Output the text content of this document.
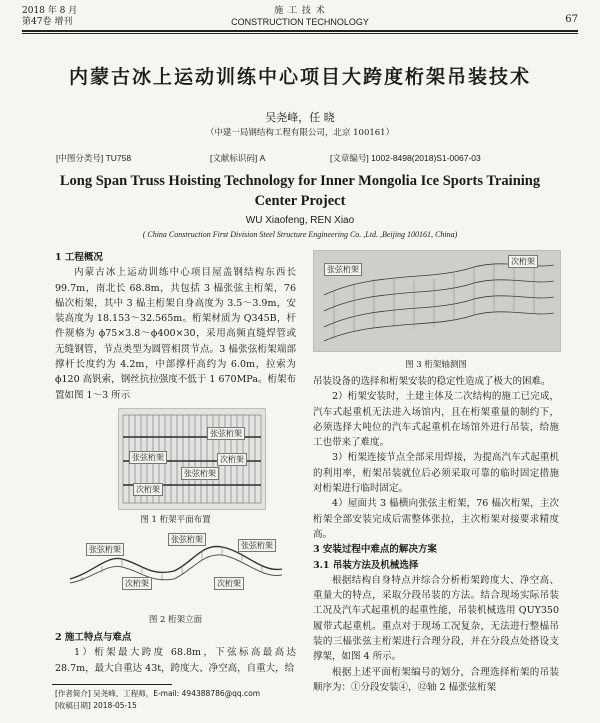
2018 年 8 月
第47卷 增刊
施 工 技 术
CONSTRUCTION TECHNOLOGY	67
内蒙古冰上运动训练中心项目大跨度桁架吊装技术
吴尧峰，任 晓
（中建一局钢结构工程有限公司，北京 100161）
[中图分类号] TU758	[文献标识码] A	[文章编号] 1002-8498(2018)S1-0067-03
Long Span Truss Hoisting Technology for Inner Mongolia Ice Sports Training Center Project
WU Xiaofeng, REN Xiao
( China Construction First Division Steel Structure Engineering Co. ,Ltd. ,Beijing 100161, China)

1 工程概况

内蒙古冰上运动训练中心项目屋盖钢结构东西长 99.7m，南北长 68.8m，共包括 3 榀张弦主桁架，76 榀次桁架，其中 3 榀主桁架自身高度为 3.5～3.9m，安装高度为 18.153～32.565m。桁架材质为 Q345B，杆件规格为 ϕ75×3.8～ϕ400×30，采用高频直缝焊管或无缝钢管，节点类型为圆管相贯节点。3 榀张弦桁架端部撑杆长度约为 4.2m，中部撑杆高约为 6.0m，拉索为 ϕ120 高钒索，钢丝抗拉强度不低于 1 670MPa。桁架布置如图 1～3 所示

张弦桁架
张弦桁架
张弦桁架
次桁架
次桁架
图 1 桁架平面布置
张弦桁架
张弦桁架
张弦桁架
次桁架	次桁架
图 2 桁架立面

2 施工特点与难点

1）桁架最大跨度 68.8m，下弦标高最高达 28.7m，最大自重达 43t，跨度大、净空高，自重大，给

[作者简介] 吴尧峰，工程师，E-mail: 494388786@qq.com
[收稿日期] 2018-05-15
张弦桁架
次桁架
图 3 桁架轴测图

吊装设备的选择和桁架安装的稳定性造成了极大的困难。

2）桁架安装时，土建主体及二次结构的施工已完成，汽车式起重机无法进入场馆内，且在桁架重量的制约下，必须选择大吨位的汽车式起重机在场馆外进行吊装，给施工也带来了难度。

3）桁架连接节点全部采用焊接，为提高汽车式起重机的利用率，桁架吊装就位后必须采取可靠的临时固定措施对桁架进行临时固定。

4）屋面共 3 榀横向张弦主桁架，76 榀次桁架，主次桁架全部安装完成后需整体张拉，主次桁架对接要求精度高。

3 安装过程中难点的解决方案

3.1 吊装方法及机械选择

根据结构自身特点并综合分析桁架跨度大、净空高、重量大的特点，采取分段吊装的方法。结合现场实际吊装工况及汽车式起重机的起重性能，吊装机械选用 QUY350 履带式起重机。重点对于现场工况复杂，无法进行整榀吊装的三榀张弦主桁架进行合理分段，并在分段点处搭设支撑架，如图 4 所示。

根据上述平面桁架编号的划分，合理选择桁架的吊装顺序为：①分段安装④，⑫轴 2 榀张弦桁架
